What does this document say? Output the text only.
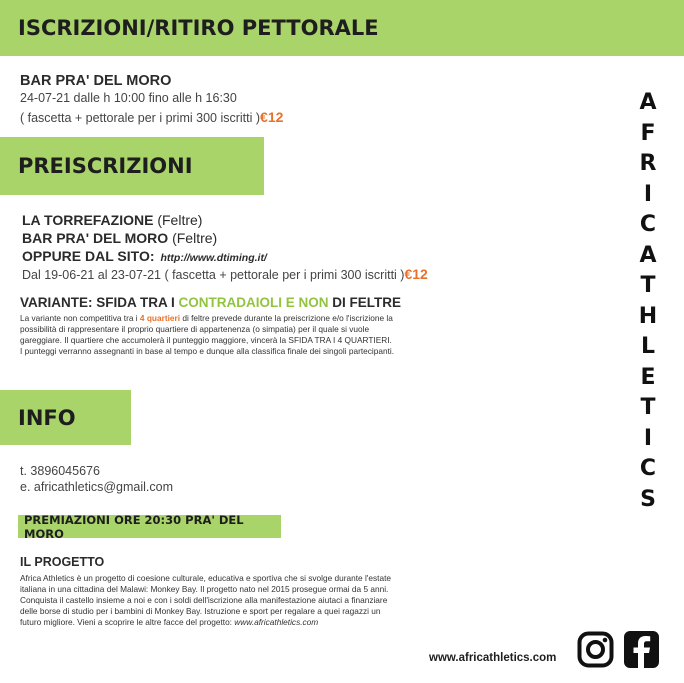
ISCRIZIONI/RITIRO PETTORALE
BAR PRA' DEL MORO
24-07-21 dalle h 10:00 fino alle h 16:30
( fascetta + pettorale per i primi 300 iscritti )€12
PREISCRIZIONI
LA TORREFAZIONE (Feltre)
BAR PRA' DEL MORO (Feltre)
OPPURE DAL SITO: http://www.dtiming.it/
Dal 19-06-21 al 23-07-21 ( fascetta + pettorale per i primi 300 iscritti )€12
VARIANTE: SFIDA TRA I CONTRADAIOLI E NON DI FELTRE
La variante non competitiva tra i 4 quartieri di feltre prevede durante la preiscrizione e/o l'iscrizione la
possibilità di rappresentare il proprio quartiere di appartenenza (o simpatia) per il quale si vuole
gareggiare. Il quartiere che accumolerà il punteggio maggiore, vincerà la SFIDA TRA I 4 QUARTIERI.
I punteggi verranno assegnanti in base al tempo e dunque alla classifica finale dei singoli partecipanti.
INFO
t. 3896045676
e. africathletics@gmail.com
PREMIAZIONI ORE 20:30 PRA' DEL MORO
IL PROGETTO
Africa Athletics è un progetto di coesione culturale, educativa e sportiva che si svolge durante l'estate
italiana in una cittadina del Malawi: Monkey Bay. Il progetto nato nel 2015 prosegue ormai da 5 anni.
Conquista il castello insieme a noi e con i soldi dell'iscrizione alla manifestazione aiutaci a finanziare
delle borse di studio per i bambini di Monkey Bay. Istruzione e sport per regalare a quei ragazzi un
futuro migliore. Vieni a scoprire le altre facce del progetto: www.africathletics.com
A
F
R
I
C
A
T
H
L
E
T
I
C
S
www.africathletics.com
